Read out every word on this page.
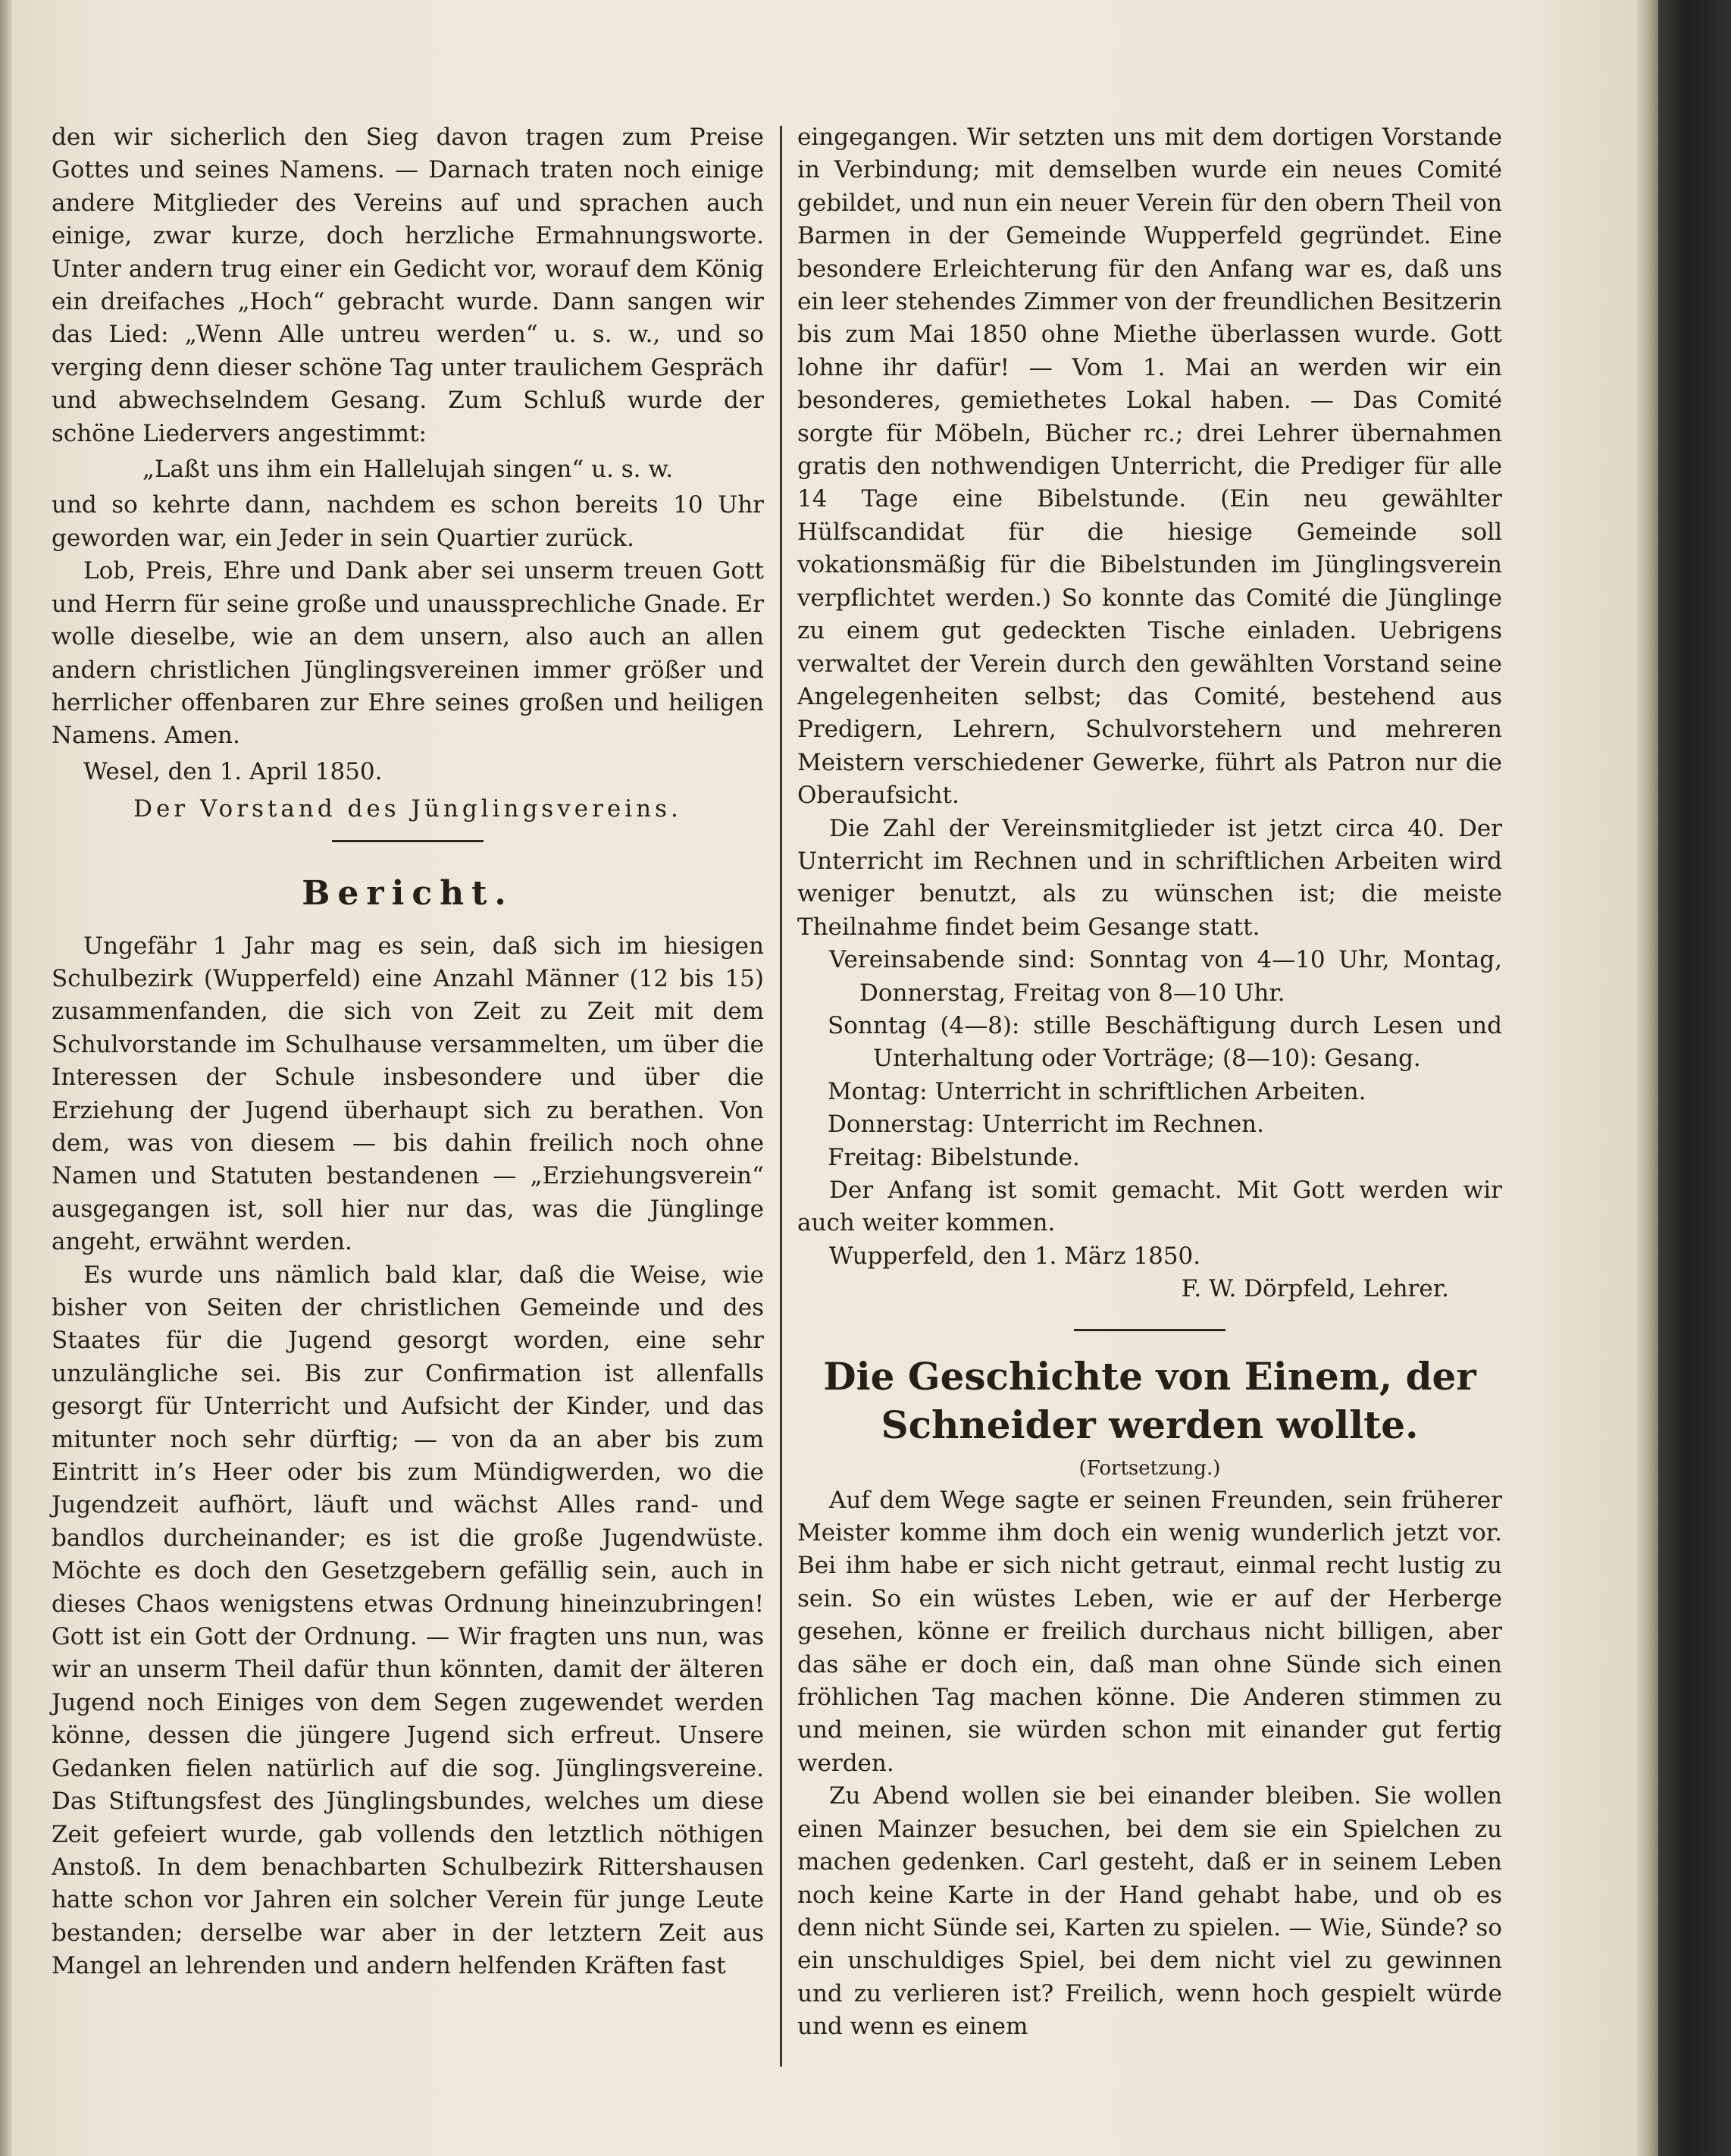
den wir sicherlich den Sieg davon tragen zum Preise Gottes und seines Namens. — Darnach traten noch einige andere Mitglieder des Vereins auf und sprachen auch einige, zwar kurze, doch herzliche Ermahnungsworte. Unter andern trug einer ein Gedicht vor, worauf dem König ein dreifaches „Hoch“ gebracht wurde. Dann sangen wir das Lied: „Wenn Alle untreu werden“ u. s. w., und so verging denn dieser schöne Tag unter traulichem Gespräch und abwechselndem Gesang. Zum Schluß wurde der schöne Liedervers angestimmt:

„Laßt uns ihm ein Hallelujah singen“ u. s. w.

und so kehrte dann, nachdem es schon bereits 10 Uhr geworden war, ein Jeder in sein Quartier zurück.

Lob, Preis, Ehre und Dank aber sei unserm treuen Gott und Herrn für seine große und unaussprechliche Gnade. Er wolle dieselbe, wie an dem unsern, also auch an allen andern christlichen Jünglingsvereinen immer größer und herrlicher offenbaren zur Ehre seines großen und heiligen Namens. Amen.

Wesel, den 1. April 1850.

Der Vorstand des Jünglingsvereins.

Bericht.

Ungefähr 1 Jahr mag es sein, daß sich im hiesigen Schulbezirk (Wupperfeld) eine Anzahl Männer (12 bis 15) zusammenfanden, die sich von Zeit zu Zeit mit dem Schulvorstande im Schulhause versammelten, um über die Interessen der Schule insbesondere und über die Erziehung der Jugend überhaupt sich zu berathen. Von dem, was von diesem — bis dahin freilich noch ohne Namen und Statuten bestandenen — „Erziehungsverein“ ausgegangen ist, soll hier nur das, was die Jünglinge angeht, erwähnt werden.

Es wurde uns nämlich bald klar, daß die Weise, wie bisher von Seiten der christlichen Gemeinde und des Staates für die Jugend gesorgt worden, eine sehr unzulängliche sei. Bis zur Confirmation ist allenfalls gesorgt für Unterricht und Aufsicht der Kinder, und das mitunter noch sehr dürftig; — von da an aber bis zum Eintritt in’s Heer oder bis zum Mündigwerden, wo die Jugendzeit aufhört, läuft und wächst Alles rand- und bandlos durcheinander; es ist die große Jugendwüste. Möchte es doch den Gesetzgebern gefällig sein, auch in dieses Chaos wenigstens etwas Ordnung hineinzubringen! Gott ist ein Gott der Ordnung. — Wir fragten uns nun, was wir an unserm Theil dafür thun könnten, damit der älteren Jugend noch Einiges von dem Segen zugewendet werden könne, dessen die jüngere Jugend sich erfreut. Unsere Gedanken fielen natürlich auf die sog. Jünglingsvereine. Das Stiftungsfest des Jünglingsbundes, welches um diese Zeit gefeiert wurde, gab vollends den letztlich nöthigen Anstoß. In dem benachbarten Schulbezirk Rittershausen hatte schon vor Jahren ein solcher Verein für junge Leute bestanden; derselbe war aber in der letztern Zeit aus Mangel an lehrenden und andern helfenden Kräften fast

eingegangen. Wir setzten uns mit dem dortigen Vorstande in Verbindung; mit demselben wurde ein neues Comité gebildet, und nun ein neuer Verein für den obern Theil von Barmen in der Gemeinde Wupperfeld gegründet. Eine besondere Erleichterung für den Anfang war es, daß uns ein leer stehendes Zimmer von der freundlichen Besitzerin bis zum Mai 1850 ohne Miethe überlassen wurde. Gott lohne ihr dafür! — Vom 1. Mai an werden wir ein besonderes, gemiethetes Lokal haben. — Das Comité sorgte für Möbeln, Bücher rc.; drei Lehrer übernahmen gratis den nothwendigen Unterricht, die Prediger für alle 14 Tage eine Bibelstunde. (Ein neu gewählter Hülfscandidat für die hiesige Gemeinde soll vokationsmäßig für die Bibelstunden im Jünglingsverein verpflichtet werden.) So konnte das Comité die Jünglinge zu einem gut gedeckten Tische einladen. Uebrigens verwaltet der Verein durch den gewählten Vorstand seine Angelegenheiten selbst; das Comité, bestehend aus Predigern, Lehrern, Schulvorstehern und mehreren Meistern verschiedener Gewerke, führt als Patron nur die Oberaufsicht.

Die Zahl der Vereinsmitglieder ist jetzt circa 40. Der Unterricht im Rechnen und in schriftlichen Arbeiten wird weniger benutzt, als zu wünschen ist; die meiste Theilnahme findet beim Gesange statt.

Vereinsabende sind: Sonntag von 4—10 Uhr, Montag, Donnerstag, Freitag von 8—10 Uhr.

Sonntag (4—8): stille Beschäftigung durch Lesen und Unterhaltung oder Vorträge; (8—10): Gesang.

Montag: Unterricht in schriftlichen Arbeiten.

Donnerstag: Unterricht im Rechnen.

Freitag: Bibelstunde.

Der Anfang ist somit gemacht. Mit Gott werden wir auch weiter kommen.

Wupperfeld, den 1. März 1850.

F. W. Dörpfeld, Lehrer.

Die Geschichte von Einem, der Schneider werden wollte.

(Fortsetzung.)

Auf dem Wege sagte er seinen Freunden, sein früherer Meister komme ihm doch ein wenig wunderlich jetzt vor. Bei ihm habe er sich nicht getraut, einmal recht lustig zu sein. So ein wüstes Leben, wie er auf der Herberge gesehen, könne er freilich durchaus nicht billigen, aber das sähe er doch ein, daß man ohne Sünde sich einen fröhlichen Tag machen könne. Die Anderen stimmen zu und meinen, sie würden schon mit einander gut fertig werden.

Zu Abend wollen sie bei einander bleiben. Sie wollen einen Mainzer besuchen, bei dem sie ein Spielchen zu machen gedenken. Carl gesteht, daß er in seinem Leben noch keine Karte in der Hand gehabt habe, und ob es denn nicht Sünde sei, Karten zu spielen. — Wie, Sünde? so ein unschuldiges Spiel, bei dem nicht viel zu gewinnen und zu verlieren ist? Freilich, wenn hoch gespielt würde und wenn es einem
